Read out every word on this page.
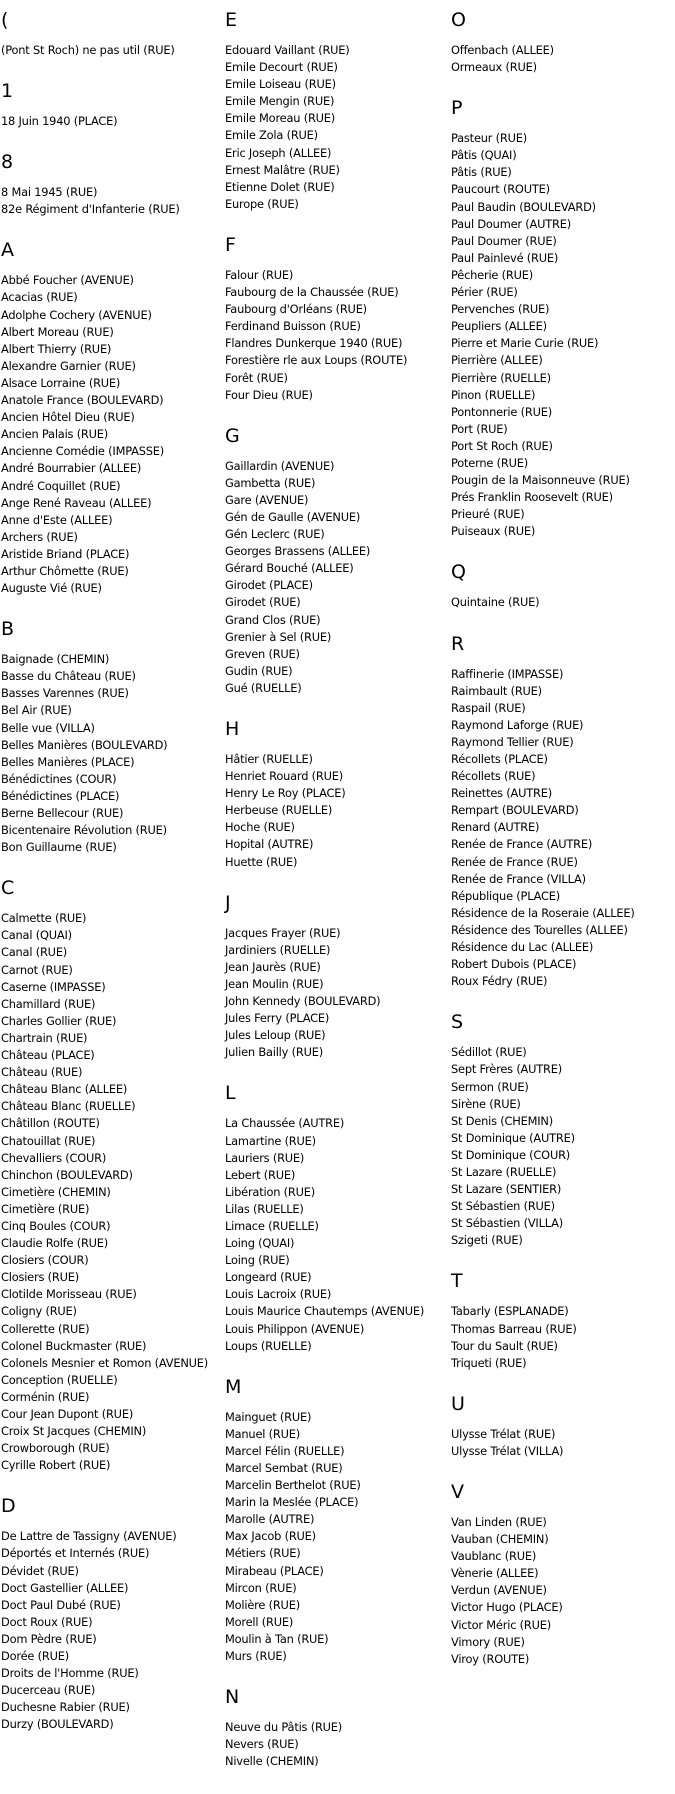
(
(Pont St Roch) ne pas util (RUE)
1
18 Juin 1940 (PLACE)
8
8 Mai 1945 (RUE)
82e Régiment d'Infanterie (RUE)
A
Abbé Foucher (AVENUE)
Acacias (RUE)
Adolphe Cochery (AVENUE)
Albert Moreau (RUE)
Albert Thierry (RUE)
Alexandre Garnier (RUE)
Alsace Lorraine (RUE)
Anatole France (BOULEVARD)
Ancien Hôtel Dieu (RUE)
Ancien Palais (RUE)
Ancienne Comédie (IMPASSE)
André Bourrabier (ALLEE)
André Coquillet (RUE)
Ange René Raveau (ALLEE)
Anne d'Este (ALLEE)
Archers (RUE)
Aristide Briand (PLACE)
Arthur Chômette (RUE)
Auguste Vié (RUE)
B
Baignade (CHEMIN)
Basse du Château (RUE)
Basses Varennes (RUE)
Bel Air (RUE)
Belle vue (VILLA)
Belles Manières (BOULEVARD)
Belles Manières (PLACE)
Bénédictines (COUR)
Bénédictines (PLACE)
Berne Bellecour (RUE)
Bicentenaire Révolution (RUE)
Bon Guillaume (RUE)
C
Calmette (RUE)
Canal (QUAI)
Canal (RUE)
Carnot (RUE)
Caserne (IMPASSE)
Chamillard (RUE)
Charles Gollier (RUE)
Chartrain (RUE)
Château (PLACE)
Château (RUE)
Château Blanc (ALLEE)
Château Blanc (RUELLE)
Châtillon (ROUTE)
Chatouillat (RUE)
Chevalliers (COUR)
Chinchon (BOULEVARD)
Cimetière (CHEMIN)
Cimetière (RUE)
Cinq Boules (COUR)
Claudie Rolfe (RUE)
Closiers (COUR)
Closiers (RUE)
Clotilde Morisseau (RUE)
Coligny (RUE)
Collerette (RUE)
Colonel Buckmaster (RUE)
Colonels Mesnier et Romon (AVENUE)
Conception (RUELLE)
Corménin (RUE)
Cour Jean Dupont (RUE)
Croix St Jacques (CHEMIN)
Crowborough (RUE)
Cyrille Robert (RUE)
D
De Lattre de Tassigny (AVENUE)
Déportés et Internés (RUE)
Dévidet (RUE)
Doct Gastellier (ALLEE)
Doct Paul Dubé (RUE)
Doct Roux (RUE)
Dom Pèdre (RUE)
Dorée (RUE)
Droits de l'Homme (RUE)
Ducerceau (RUE)
Duchesne Rabier (RUE)
Durzy (BOULEVARD)
E
Edouard Vaillant (RUE)
Emile Decourt (RUE)
Emile Loiseau (RUE)
Emile Mengin (RUE)
Emile Moreau (RUE)
Emile Zola (RUE)
Eric Joseph (ALLEE)
Ernest Malâtre (RUE)
Etienne Dolet (RUE)
Europe (RUE)
F
Falour (RUE)
Faubourg de la Chaussée (RUE)
Faubourg d'Orléans (RUE)
Ferdinand Buisson (RUE)
Flandres Dunkerque 1940 (RUE)
Forestière rle aux Loups (ROUTE)
Forêt (RUE)
Four Dieu (RUE)
G
Gaillardin (AVENUE)
Gambetta (RUE)
Gare (AVENUE)
Gén de Gaulle (AVENUE)
Gén Leclerc (RUE)
Georges Brassens (ALLEE)
Gérard Bouché (ALLEE)
Girodet (PLACE)
Girodet (RUE)
Grand Clos (RUE)
Grenier à Sel (RUE)
Greven (RUE)
Gudin (RUE)
Gué (RUELLE)
H
Hâtier (RUELLE)
Henriet Rouard (RUE)
Henry Le Roy (PLACE)
Herbeuse (RUELLE)
Hoche (RUE)
Hopital (AUTRE)
Huette (RUE)
J
Jacques Frayer (RUE)
Jardiniers (RUELLE)
Jean Jaurès (RUE)
Jean Moulin (RUE)
John Kennedy (BOULEVARD)
Jules Ferry (PLACE)
Jules Leloup (RUE)
Julien Bailly (RUE)
L
La Chaussée (AUTRE)
Lamartine (RUE)
Lauriers (RUE)
Lebert (RUE)
Libération (RUE)
Lilas (RUELLE)
Limace (RUELLE)
Loing (QUAI)
Loing (RUE)
Longeard (RUE)
Louis Lacroix (RUE)
Louis Maurice Chautemps (AVENUE)
Louis Philippon (AVENUE)
Loups (RUELLE)
M
Mainguet (RUE)
Manuel (RUE)
Marcel Félin (RUELLE)
Marcel Sembat (RUE)
Marcelin Berthelot (RUE)
Marin la Meslée (PLACE)
Marolle (AUTRE)
Max Jacob (RUE)
Métiers (RUE)
Mirabeau (PLACE)
Mircon (RUE)
Molière (RUE)
Morell (RUE)
Moulin à Tan (RUE)
Murs (RUE)
N
Neuve du Pâtis (RUE)
Nevers (RUE)
Nivelle (CHEMIN)
O
Offenbach (ALLEE)
Ormeaux (RUE)
P
Pasteur (RUE)
Pâtis (QUAI)
Pâtis (RUE)
Paucourt (ROUTE)
Paul Baudin (BOULEVARD)
Paul Doumer (AUTRE)
Paul Doumer (RUE)
Paul Painlevé (RUE)
Pêcherie (RUE)
Périer (RUE)
Pervenches (RUE)
Peupliers (ALLEE)
Pierre et Marie Curie (RUE)
Pierrière (ALLEE)
Pierrière (RUELLE)
Pinon (RUELLE)
Pontonnerie (RUE)
Port (RUE)
Port St Roch (RUE)
Poterne (RUE)
Pougin de la Maisonneuve (RUE)
Prés Franklin Roosevelt (RUE)
Prieuré (RUE)
Puiseaux (RUE)
Q
Quintaine (RUE)
R
Raffinerie (IMPASSE)
Raimbault (RUE)
Raspail (RUE)
Raymond Laforge (RUE)
Raymond Tellier (RUE)
Récollets (PLACE)
Récollets (RUE)
Reinettes (AUTRE)
Rempart (BOULEVARD)
Renard (AUTRE)
Renée de France (AUTRE)
Renée de France (RUE)
Renée de France (VILLA)
République (PLACE)
Résidence de la Roseraie (ALLEE)
Résidence des Tourelles (ALLEE)
Résidence du Lac (ALLEE)
Robert Dubois (PLACE)
Roux Fédry (RUE)
S
Sédillot (RUE)
Sept Frères (AUTRE)
Sermon (RUE)
Sirène (RUE)
St Denis (CHEMIN)
St Dominique (AUTRE)
St Dominique (COUR)
St Lazare (RUELLE)
St Lazare (SENTIER)
St Sébastien (RUE)
St Sébastien (VILLA)
Szigeti (RUE)
T
Tabarly (ESPLANADE)
Thomas Barreau (RUE)
Tour du Sault (RUE)
Triqueti (RUE)
U
Ulysse Trélat (RUE)
Ulysse Trélat (VILLA)
V
Van Linden (RUE)
Vauban (CHEMIN)
Vaublanc (RUE)
Vènerie (ALLEE)
Verdun (AVENUE)
Victor Hugo (PLACE)
Victor Méric (RUE)
Vimory (RUE)
Viroy (ROUTE)
